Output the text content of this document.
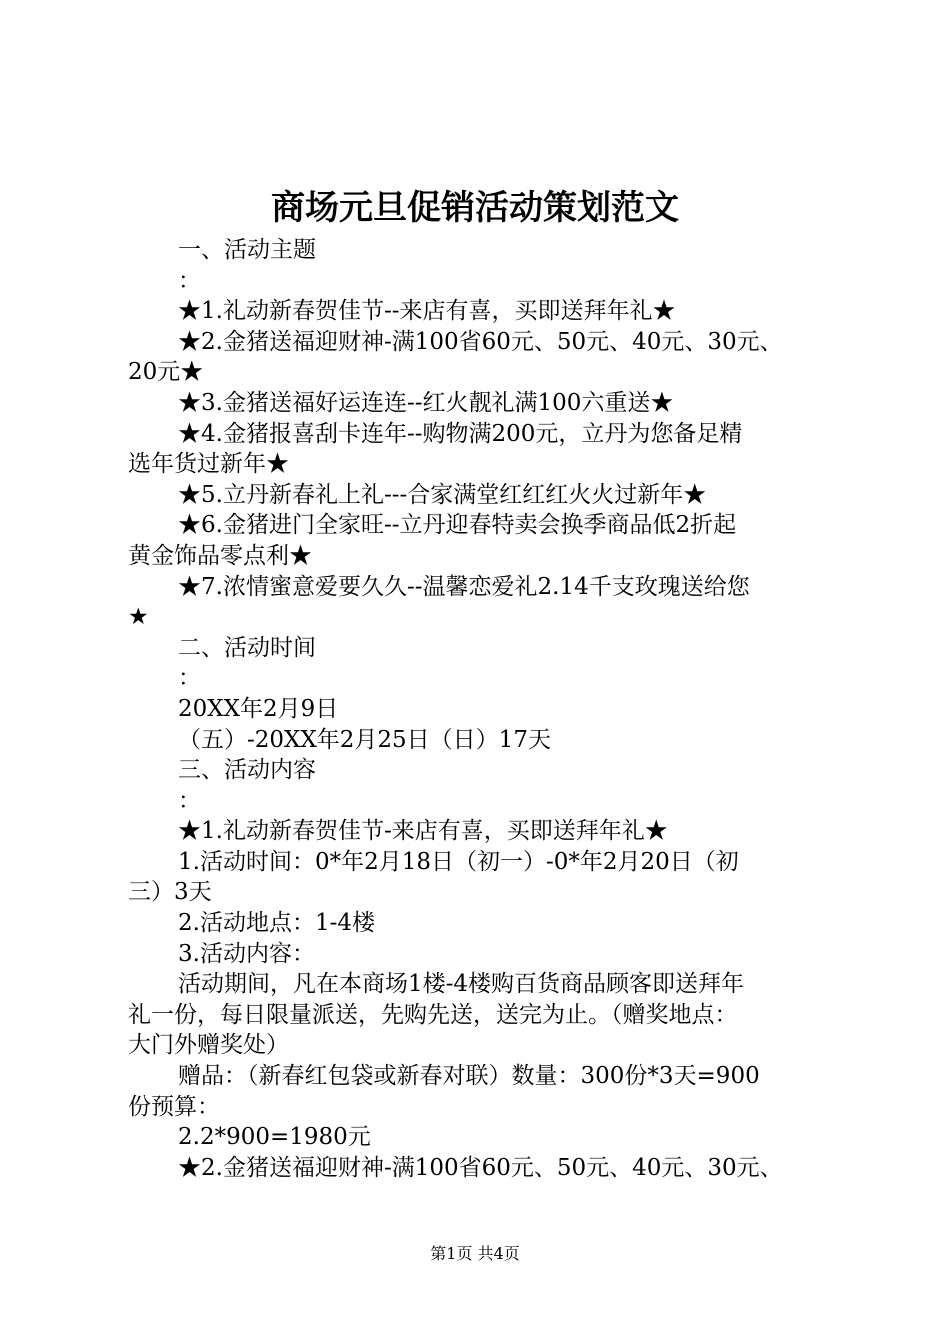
商场元旦促销活动策划范文

一、活动主题

：

★1.礼动新春贺佳节--来店有喜，买即送拜年礼★

★2.金猪送福迎财神-满100省60元、50元、40元、30元、

20元★

★3.金猪送福好运连连--红火靓礼满100六重送★

★4.金猪报喜刮卡连年--购物满200元，立丹为您备足精

选年货过新年★

★5.立丹新春礼上礼---合家满堂红红红火火过新年★

★6.金猪进门全家旺--立丹迎春特卖会换季商品低2折起

黄金饰品零点利★

★7.浓情蜜意爱要久久--温馨恋爱礼2.14千支玫瑰送给您

★

二、活动时间

：

20XX年2月9日

（五）-20XX年2月25日（日）17天

三、活动内容

：

★1.礼动新春贺佳节-来店有喜，买即送拜年礼★

1.活动时间：0*年2月18日（初一）-0*年2月20日（初

三）3天

2.活动地点：1-4楼

3.活动内容：

活动期间，凡在本商场1楼-4楼购百货商品顾客即送拜年

礼一份，每日限量派送，先购先送，送完为止。（赠奖地点：

大门外赠奖处）

赠品：（新春红包袋或新春对联）数量：300份*3天=900

份预算：

2.2*900=1980元

★2.金猪送福迎财神-满100省60元、50元、40元、30元、

第1页 共4页
